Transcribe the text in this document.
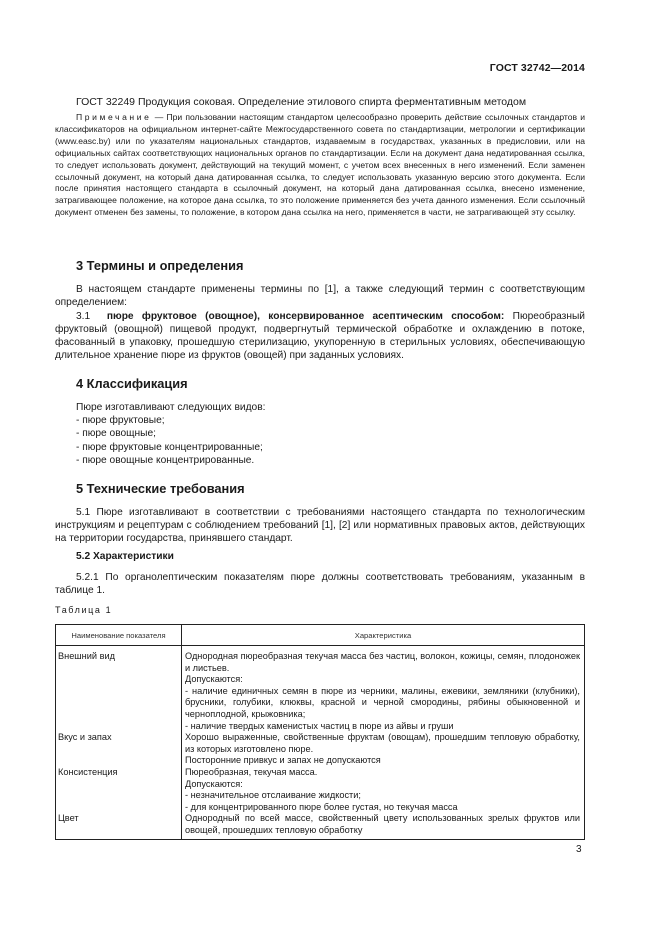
ГОСТ 32742—2014
ГОСТ 32249 Продукция соковая. Определение этилового спирта ферментативным методом
Примечание — При пользовании настоящим стандартом целесообразно проверить действие ссылочных стандартов и классификаторов на официальном интернет-сайте Межгосударственного совета по стандартизации, метрологии и сертификации (www.easc.by) или по указателям национальных стандартов, издаваемым в государствах, указанных в предисловии, или на официальных сайтах соответствующих национальных органов по стандартизации. Если на документ дана недатированная ссылка, то следует использовать документ, действующий на текущий момент, с учетом всех внесенных в него изменений. Если заменен ссылочный документ, на который дана датированная ссылка, то следует использовать указанную версию этого документа. Если после принятия настоящего стандарта в ссылочный документ, на который дана датированная ссылка, внесено изменение, затрагивающее положение, на которое дана ссылка, то это положение применяется без учета данного изменения. Если ссылочный документ отменен без замены, то положение, в котором дана ссылка на него, применяется в части, не затрагивающей эту ссылку.
3 Термины и определения
В настоящем стандарте применены термины по [1], а также следующий термин с соответствующим определением:
3.1 пюре фруктовое (овощное), консервированное асептическим способом: Пюреобразный фруктовый (овощной) пищевой продукт, подвергнутый термической обработке и охлаждению в потоке, фасованный в упаковку, прошедшую стерилизацию, укупоренную в стерильных условиях, обеспечивающую длительное хранение пюре из фруктов (овощей) при заданных условиях.
4 Классификация
Пюре изготавливают следующих видов:
- пюре фруктовые;
- пюре овощные;
- пюре фруктовые концентрированные;
- пюре овощные концентрированные.
5 Технические требования
5.1 Пюре изготавливают в соответствии с требованиями настоящего стандарта по технологическим инструкциям и рецептурам с соблюдением требований [1], [2] или нормативных правовых актов, действующих на территории государства, принявшего стандарт.
5.2 Характеристики
5.2.1 По органолептическим показателям пюре должны соответствовать требованиям, указанным в таблице 1.
Таблица 1
Наименование показателя	Характеристика

Внешний вид	Однородная пюреобразная текучая масса без частиц, волокон, кожицы, семян, плодоножек и листьев.
Допускаются:
- наличие единичных семян в пюре из черники, малины, ежевики, земляники (клубники), брусники, голубики, клюквы, красной и черной смородины, рябины обыкновенной и черноплодной, крыжовника;
- наличие твердых каменистых частиц в пюре из айвы и груши

Вкус и запах	Хорошо выраженные, свойственные фруктам (овощам), прошедшим тепловую обработку, из которых изготовлено пюре.
Посторонние привкус и запах не допускаются

Консистенция	Пюреобразная, текучая масса.
Допускаются:
- незначительное отслаивание жидкости;
- для концентрированного пюре более густая, но текучая масса

Цвет	Однородный по всей массе, свойственный цвету использованных зрелых фруктов или овощей, прошедших тепловую обработку
3
